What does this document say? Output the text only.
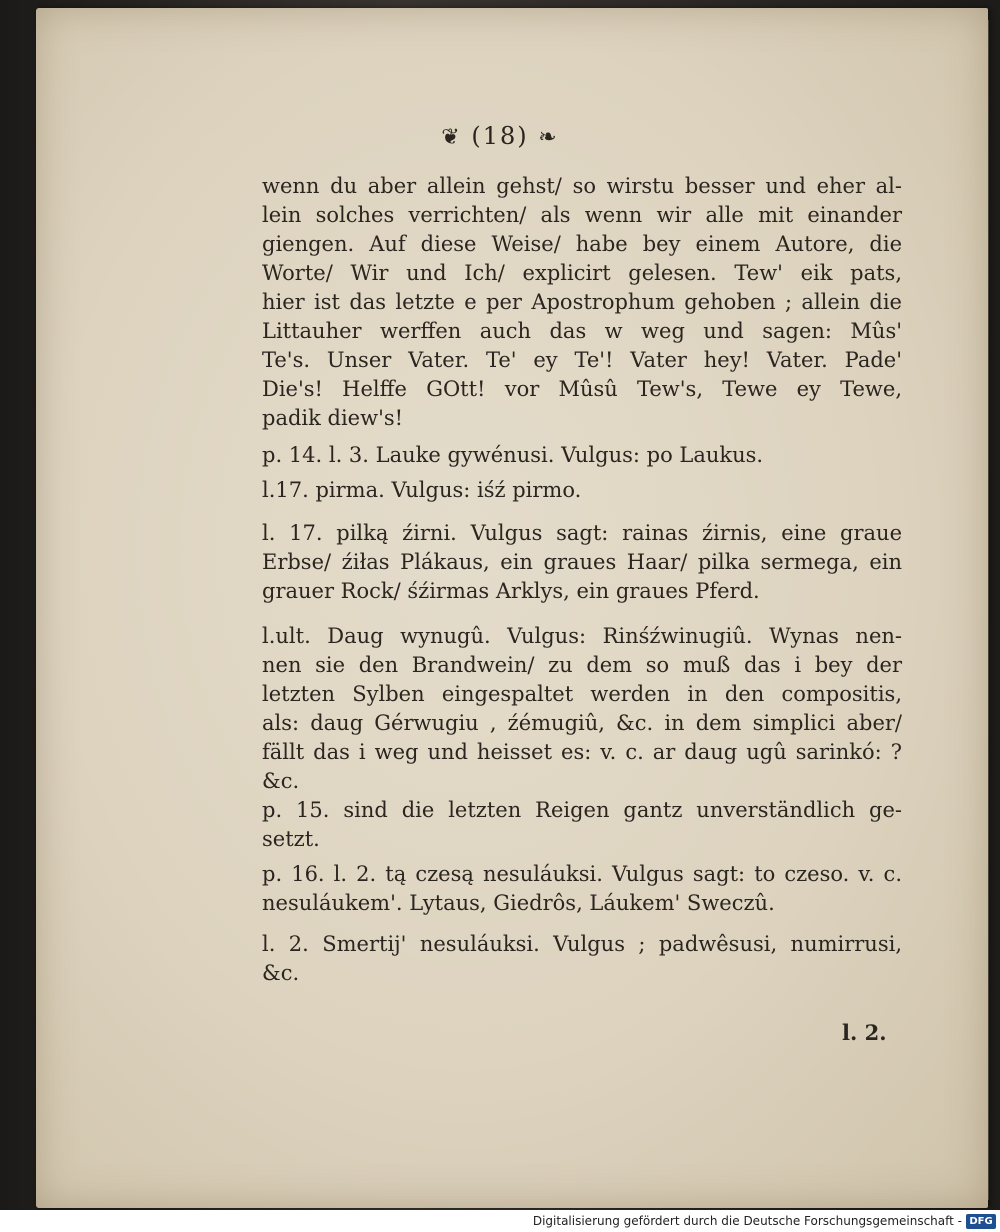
❦ (18) ❧
wenn du aber allein gehst/ so wirstu besser und eher al-
lein solches verrichten/ als wenn wir alle mit einander
giengen. Auf diese Weise/ habe bey einem Autore, die
Worte/ Wir und Ich/ explicirt gelesen. Tew' eik pats,
hier ist das letzte e per Apostrophum gehoben ; allein die
Littauher werffen auch das w weg und sagen: Mûs'
Te's. Unser Vater. Te' ey Te'! Vater hey! Vater. Pade'
Die's! Helffe GOtt! vor Mûsû Tew's, Tewe ey Tewe,
padik diew's!
p. 14. l. 3. Lauke gywénusi. Vulgus: po Laukus.
l.17. pirma. Vulgus: iśź pirmo.
l. 17. pilką źirni. Vulgus sagt: rainas źirnis, eine graue
Erbse/ źiłas Plákaus, ein graues Haar/ pilka sermega, ein
grauer Rock/ śźirmas Arklys, ein graues Pferd.
l.ult. Daug wynugû. Vulgus: Rinśźwinugiû. Wynas nen-
nen sie den Brandwein/ zu dem so muß das i bey der
letzten Sylben eingespaltet werden in den compositis,
als: daug Gérwugiu , źémugiû, &c. in dem simplici aber/
fällt das i weg und heisset es: v. c. ar daug ugû sarinkó: ?
&c.
p. 15. sind die letzten Reigen gantz unverständlich ge-
setzt.
p. 16. l. 2. tą czesą nesuláuksi. Vulgus sagt: to czeso. v. c.
nesuláukem'. Lytaus, Giedrôs, Láukem' Sweczû.
l. 2. Smertij' nesuláuksi. Vulgus ; padwêsusi, numirrusi,
&c.
l. 2.
Digitalisierung gefördert durch die Deutsche Forschungsgemeinschaft - DFG
